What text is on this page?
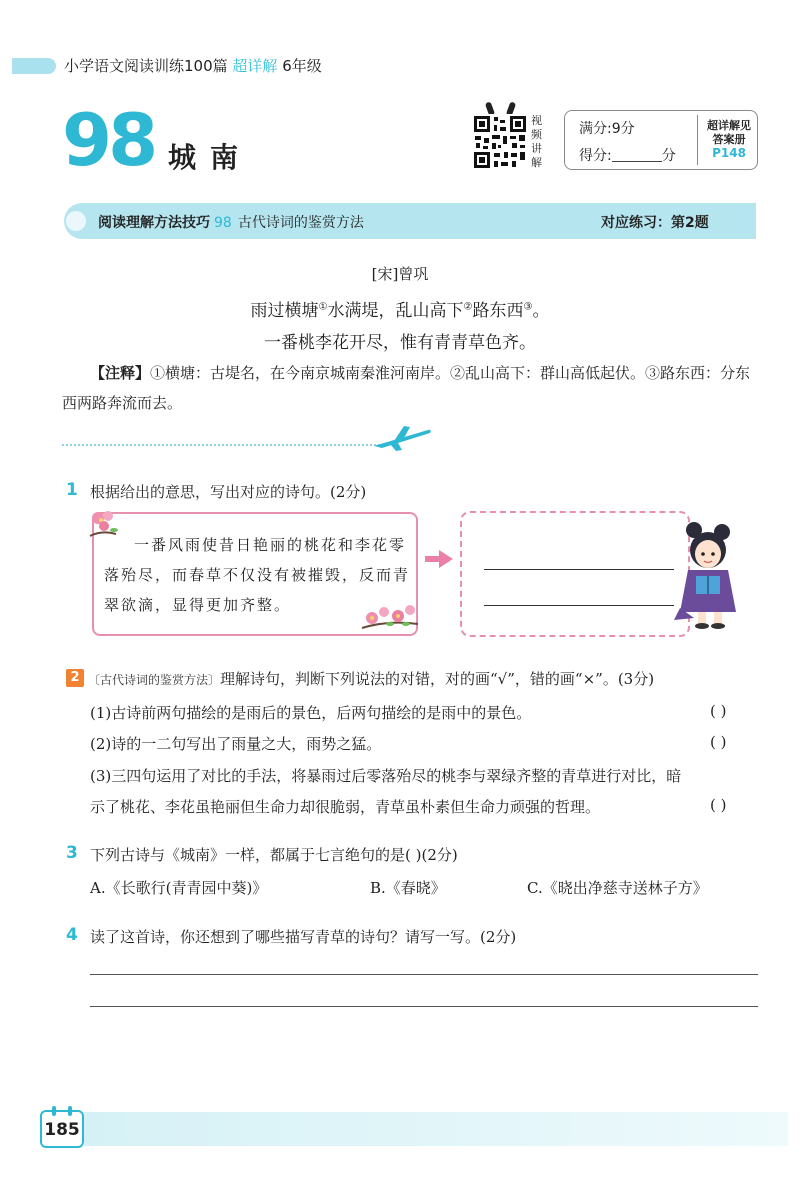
小学语文阅读训练100篇 超详解 6年级
98 城南
视
频
讲
解
满分:9分
得分:	分
超详解见
答案册
P148
阅读理解方法技巧 98 古代诗词的鉴赏方法	对应练习：第2题
[宋]曾巩
雨过横塘①水满堤，乱山高下②路东西③。
一番桃李花开尽，惟有青青草色齐。
【注释】①横塘：古堤名，在今南京城南秦淮河南岸。②乱山高下：群山高低起伏。③路东西：分东西两路奔流而去。
1 根据给出的意思，写出对应的诗句。(2分)
一番风雨使昔日艳丽的桃花和李花零落殆尽，而春草不仅没有被摧毁，反而青翠欲滴，显得更加齐整。
2 〔古代诗词的鉴赏方法〕理解诗句，判断下列说法的对错，对的画“√”，错的画“×”。(3分)
(1)古诗前两句描绘的是雨后的景色，后两句描绘的是雨中的景色。	( )
(2)诗的一二句写出了雨量之大，雨势之猛。	( )
(3)三四句运用了对比的手法，将暴雨过后零落殆尽的桃李与翠绿齐整的青草进行对比，暗
示了桃花、李花虽艳丽但生命力却很脆弱，青草虽朴素但生命力顽强的哲理。	( )
3 下列古诗与《城南》一样，都属于七言绝句的是( )(2分)
A.《长歌行(青青园中葵)》	B.《春晓》	C.《晓出净慈寺送林子方》
4 读了这首诗，你还想到了哪些描写青草的诗句？请写一写。(2分)
185
